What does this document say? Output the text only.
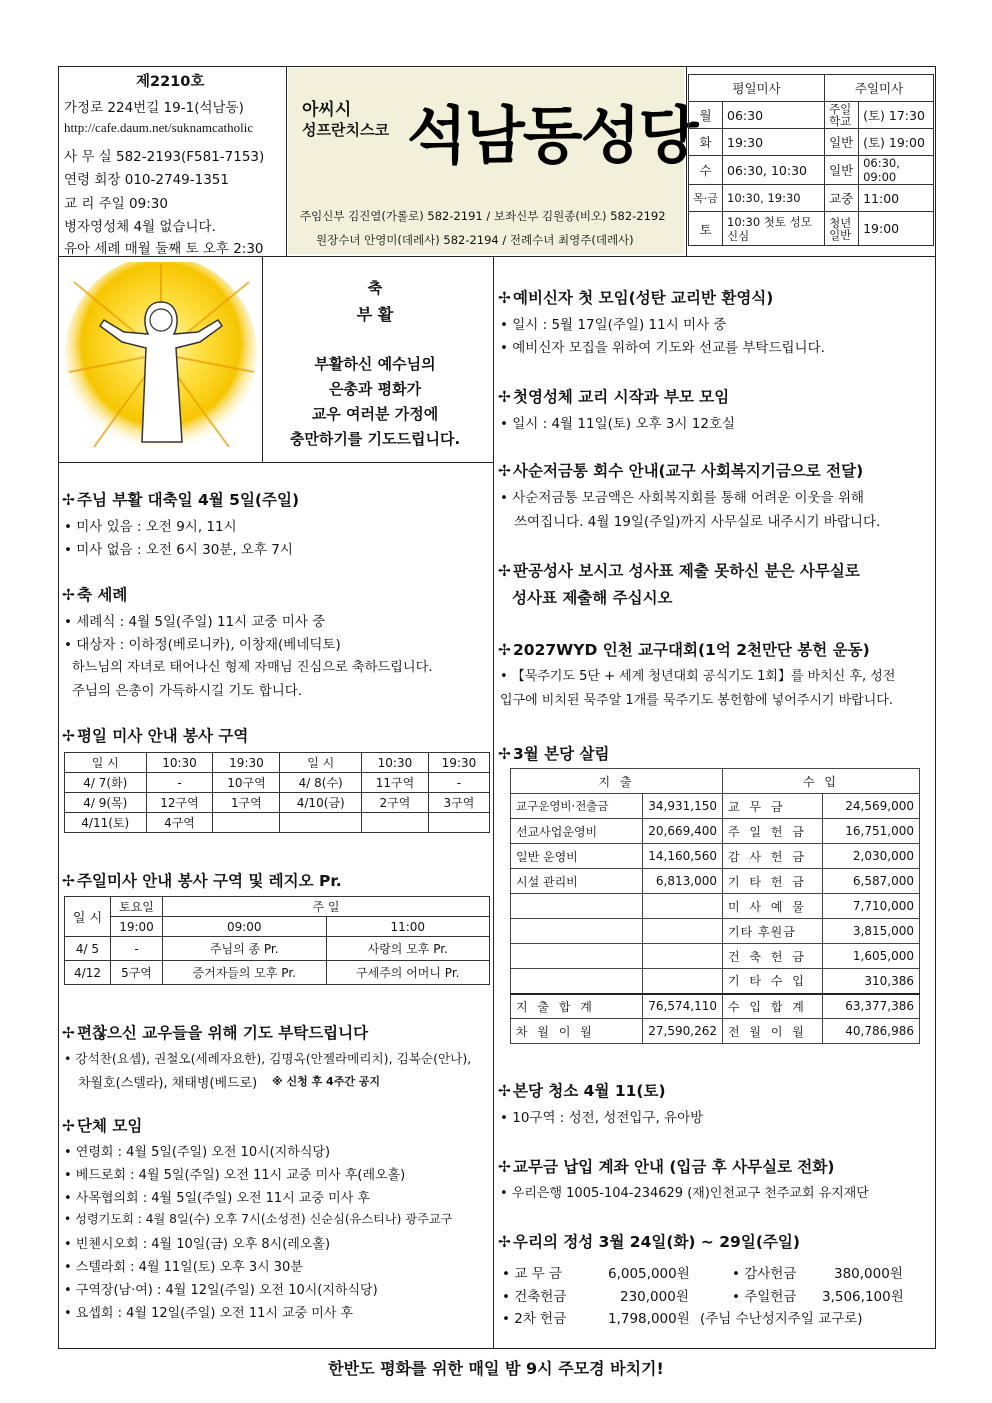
제2210호
가정로 224번길 19-1(석남동)
http://cafe.daum.net/suknamcatholic
사 무 실 582-2193(F581-7153)
연령 회장 010-2749-1351
교 리 주일 09:30
병자영성체 4월 없습니다.
유아 세례 매월 둘째 토 오후 2:30
아씨시
성프란치스코 석남동성당
주임신부 김진열(가롤로) 582-2191 / 보좌신부 김원종(비오) 582-2192
원장수녀 안영미(데레사) 582-2194 / 전례수녀 최영주(데레사)
평일미사		주일미사	
월	06:30	주일학교	(토) 17:30
화	19:30	일반	(토) 19:00
수	06:30, 10:30	일반	06:30, 09:00
목·금	10:30, 19:30	교중	11:00
토	10:30 첫토 성모신심	청년일반	19:00
축
부 활
부활하신 예수님의
은총과 평화가
교우 여러분 가정에
충만하기를 기도드립니다.
✢ 주님 부활 대축일 4월 5일(주일)
• 미사 있음 : 오전 9시, 11시
• 미사 없음 : 오전 6시 30분, 오후 7시
✢ 축 세례
• 세례식 : 4월 5일(주일) 11시 교중 미사 중
• 대상자 : 이하정(베로니카), 이창재(베네딕토)
하느님의 자녀로 태어나신 형제 자매님 진심으로 축하드립니다.
주님의 은총이 가득하시길 기도 합니다.
✢ 평일 미사 안내 봉사 구역
일 시	10:30	19:30	일 시	10:30	19:30
4/ 7(화)	-	10구역	4/ 8(수)	11구역	-
4/ 9(목)	12구역	1구역	4/10(금)	2구역	3구역
4/11(토)	4구역				
✢ 주일미사 안내 봉사 구역 및 레지오 Pr.
일 시	토요일	주 일	
	19:00	09:00	11:00
4/ 5	-	주님의 종 Pr.	사랑의 모후 Pr.
4/12	5구역	증거자들의 모후 Pr.	구세주의 어머니 Pr.
✢ 편찮으신 교우들을 위해 기도 부탁드립니다
• 강석찬(요셉), 권철오(세례자요한), 김명옥(안젤라메리치), 김복순(안나),
차월호(스텔라), 채태병(베드로) ※ 신청 후 4주간 공지
✢ 단체 모임
• 연령회 : 4월 5일(주일) 오전 10시(지하식당)
• 베드로회 : 4월 5일(주일) 오전 11시 교중 미사 후(레오홀)
• 사목협의회 : 4월 5일(주일) 오전 11시 교중 미사 후
• 성령기도회 : 4월 8일(수) 오후 7시(소성전) 신순심(유스티나) 광주교구
• 빈첸시오회 : 4월 10일(금) 오후 8시(레오홀)
• 스텔라회 : 4월 11일(토) 오후 3시 30분
• 구역장(남·여) : 4월 12일(주일) 오전 10시(지하식당)
• 요셉회 : 4월 12일(주일) 오전 11시 교중 미사 후
✢ 예비신자 첫 모임(성탄 교리반 환영식)
• 일시 : 5월 17일(주일) 11시 미사 중
• 예비신자 모집을 위하여 기도와 선교를 부탁드립니다.
✢ 첫영성체 교리 시작과 부모 모임
• 일시 : 4월 11일(토) 오후 3시 12호실
✢ 사순저금통 회수 안내(교구 사회복지기금으로 전달)
• 사순저금통 모금액은 사회복지회를 통해 어려운 이웃을 위해
쓰여집니다. 4월 19일(주일)까지 사무실로 내주시기 바랍니다.
✢ 판공성사 보시고 성사표 제출 못하신 분은 사무실로
성사표 제출해 주십시오
✢ 2027WYD 인천 교구대회(1억 2천만단 봉헌 운동)
• 【묵주기도 5단 + 세계 청년대회 공식기도 1회】를 바치신 후, 성전
입구에 비치된 묵주알 1개를 묵주기도 봉헌함에 넣어주시기 바랍니다.
✢ 3월 본당 살림
지 출		수 입	
교구운영비·전출금	34,931,150	교 무 금	24,569,000
선교사업운영비	20,669,400	주 일 헌 금	16,751,000
일반 운영비	14,160,560	감 사 헌 금	2,030,000
시설 관리비	6,813,000	기 타 헌 금	6,587,000
		미 사 예 물	7,710,000
		기타 후원금	3,815,000
		건 축 헌 금	1,605,000
		기 타 수 입	310,386
지 출 합 계	76,574,110	수 입 합 계	63,377,386
차 월 이 월	27,590,262	전 월 이 월	40,786,986
✢ 본당 청소 4월 11(토)
• 10구역 : 성전, 성전입구, 유아방
✢ 교무금 납입 계좌 안내 (입금 후 사무실로 전화)
• 우리은행 1005-104-234629 (재)인천교구 천주교회 유지재단
✢ 우리의 정성 3월 24일(화) ~ 29일(주일)
• 교 무 금	6,005,000원	• 감사헌금	380,000원
• 건축헌금	230,000원	• 주일헌금 3,506,100원
• 2차 헌금	1,798,000원 (주님 수난성지주일 교구로)
한반도 평화를 위한 매일 밤 9시 주모경 바치기!
